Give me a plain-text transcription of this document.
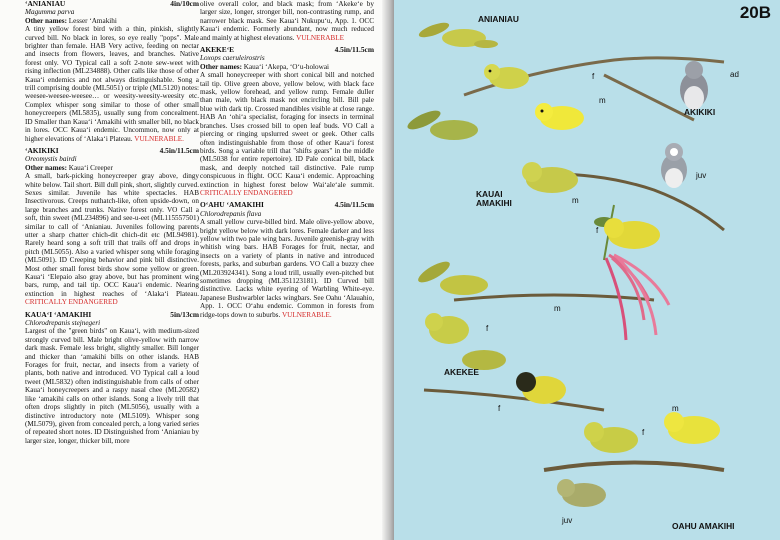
ʻANIANIAU	4in/10cm
Magumma parva
Other names: Lesser ʻAmakihi
A tiny yellow forest bird with a thin, pinkish, slightly curved bill. No black in lores, so eye really "pops". Male brighter than female. HAB Very active, feeding on nectar and insects from flowers, leaves, and branches. Native forest only. VO Typical call a soft 2-note sew-weet with rising inflection (ML234888). Other calls like those of other Kauaʻi endemics and not always distinguishable. Song a trill comprising double (ML5051) or triple (ML5120) notes: weesee-weesee-weesee… or weesity-weesity-weesity etc. Complex whisper song similar to those of other small honeycreepers (ML5835), usually sung from concealment. ID Smaller than Kauaʻi ʻAmakihi with smaller bill, no black in lores. OCC Kauaʻi endemic. Uncommon, now only at higher elevations of ʻAlakaʻi Plateau. VULNERABLE.
ʻAKIKIKI	4.5in/11.5cm
Oreomystis bairdi
Other names: Kauaʻi Creeper
A small, bark-picking honeycreeper gray above, dingy white below. Tail short. Bill dull pink, short, slightly curved. Sexes similar. Juvenile has white spectacles. HAB Insectivorous. Creeps nuthatch-like, often upside-down, on large branches and trunks. Native forest only. VO Call a soft, thin sweet (ML234896) and see-u-eet (ML115557501) similar to call of ʻAnianiau. Juveniles following parents utter a sharp chatter chich-dit chich-dit etc (ML94981). Rarely heard song a soft trill that trails off and drops in pitch (ML5055). Also a varied whisper song while foraging (ML5091). ID Creeping behavior and pink bill distinctive. Most other small forest birds show some yellow or green. Kauaʻi ʻElepaio also gray above, but has prominent wing bars, rump, and tail tip. OCC Kauaʻi endemic. Nearing extinction in highest reaches of ʻAlakaʻi Plateau. CRITICALLY ENDANGERED
KAUAʻI ʻAMAKIHI	5in/13cm
Chlorodrepanis stejnegeri
Largest of the "green birds" on Kauaʻi, with medium-sized strongly curved bill. Male bright olive-yellow with narrow dark mask. Female less bright, slightly smaller. Bill longer and thicker than ʻamakihi bills on other islands. HAB Forages for fruit, nectar, and insects from a variety of plants, both native and introduced. VO Typical call a loud tweet (ML5832) often indistinguishable from calls of other Kauaʻi honeycreepers and a raspy nasal chee (ML20582) like ʻamakihi calls on other islands. Song a lively trill that often drops slightly in pitch (ML5056), usually with a distinctive introductory note (ML5109). Whisper song (ML5079), given from concealed perch, a long varied series of repeated short notes. ID Distinguished from ʻAnianiau by larger size, longer, thicker bill, more
olive overall color, and black mask; from ʻAkekeʻe by larger size, longer, stronger bill, non-contrasting rump, and narrower black mask. See Kauaʻi Nukupuʻu, App. 1. OCC Kauaʻi endemic. Formerly abundant, now much reduced and mainly at highest elevations. VULNERABLE
AKEKEʻE	4.5in/11.5cm
Loxops caeruleirostris
Other names: Kauaʻi ʻAkepa, ʻOʻu-holowai
A small honeycreeper with short conical bill and notched tail tip. Olive green above, yellow below, with black face mask, yellow forehead, and yellow rump. Female duller than male, with black mask not encircling bill. Bill pale blue with dark tip. Crossed mandibles visible at close range. HAB An ʻohiʻa specialist, foraging for insects in terminal branches. Uses crossed bill to open leaf buds. VO Call a piercing or ringing upslurred sweet or geek. Other calls often indistinguishable from those of other Kauaʻi forest birds. Song a variable trill that "shifts gears" in the middle (ML5038 for entire repertoire). ID Pale conical bill, black mask, and deeply notched tail distinctive. Pale rump conspicuous in flight. OCC Kauaʻi endemic. Approaching extinction in highest forest below Waiʻaleʻale summit. CRITICALLY ENDANGERED
OʻAHU ʻAMAKIHI	4.5in/11.5cm
Chlorodrepanis flava
A small yellow curve-billed bird. Male olive-yellow above, bright yellow below with dark lores. Female darker and less yellow with two pale wing bars. Juvenile greenish-gray with whitish wing bars. HAB Forages for fruit, nectar, and insects on a variety of plants in native and introduced forests, parks, and suburban gardens. VO Call a buzzy chee (ML203924341). Song a loud trill, usually even-pitched but sometimes dropping (ML351123181). ID Curved bill distinctive. Lacks white eyering of Warbling White-eye. Japanese Bushwarbler lacks wingbars. See Oahu ʻAlauahio, App. 1. OCC Oʻahu endemic. Common in forests from ridge-tops down to suburbs. VULNERABLE.
20B
ANIANIAU
AKIKIKI
KAUAI AMAKIHI
AKEKEE
OAHU AMAKIHI
f
m
ad
juv
m
f
f
m
f	m
f
juv
